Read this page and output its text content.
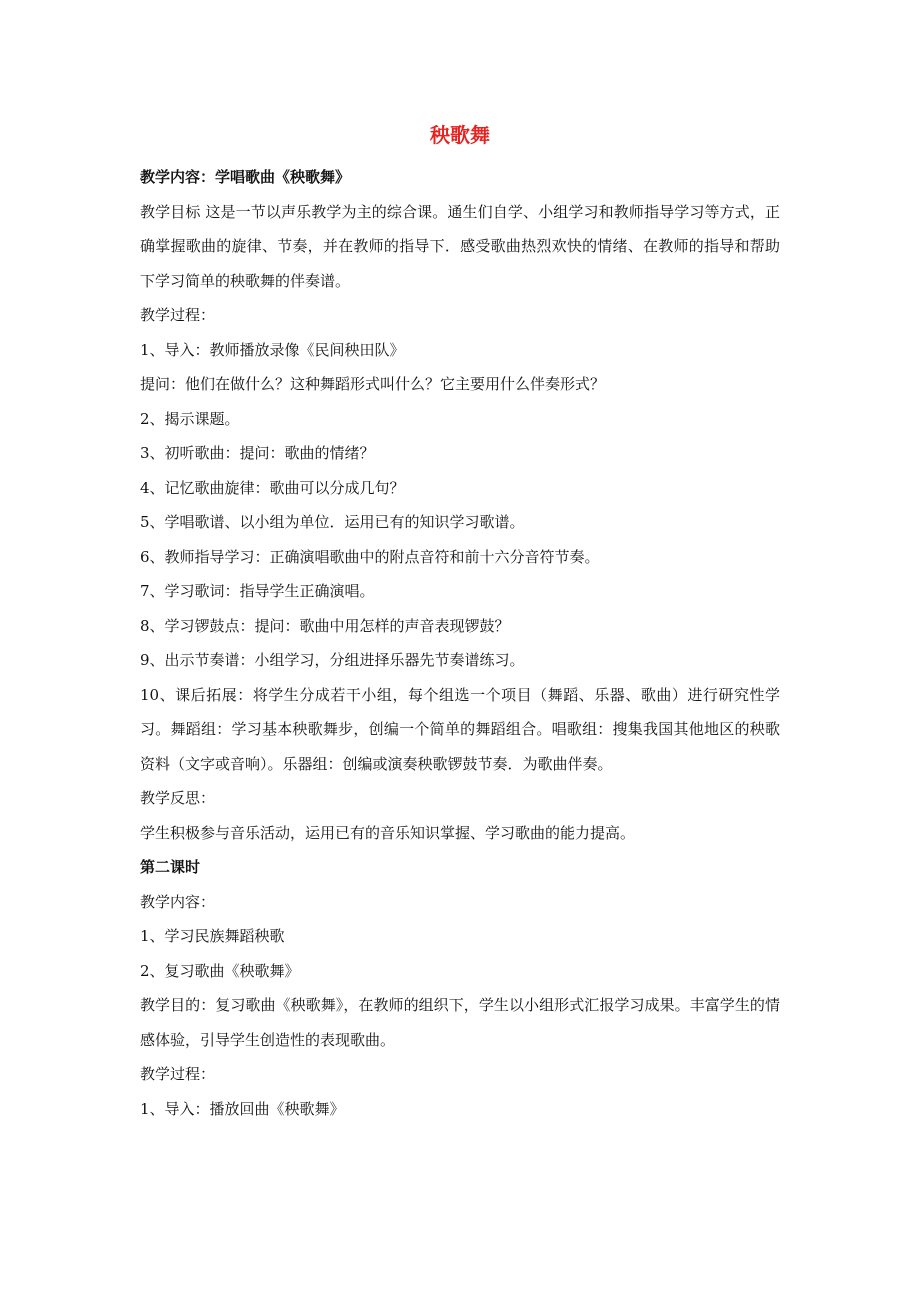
秧歌舞
教学内容：学唱歌曲《秧歌舞》
教学目标 这是一节以声乐教学为主的综合课。通生们自学、小组学习和教师指导学习等方式，正确掌握歌曲的旋律、节奏，并在教师的指导下．感受歌曲热烈欢快的情绪、在教师的指导和帮助下学习简单的秧歌舞的伴奏谱。
教学过程：
1、导入：教师播放录像《民间秧田队》
提问：他们在做什么？这种舞蹈形式叫什么？它主要用什么伴奏形式？
2、揭示课题。
3、初听歌曲：提问：歌曲的情绪？
4、记忆歌曲旋律：歌曲可以分成几句？
5、学唱歌谱、以小组为单位．运用已有的知识学习歌谱。
6、教师指导学习：正确演唱歌曲中的附点音符和前十六分音符节奏。
7、学习歌词：指导学生正确演唱。
8、学习锣鼓点：提问：歌曲中用怎样的声音表现锣鼓？
9、出示节奏谱：小组学习，分组进择乐器先节奏谱练习。
10、课后拓展：将学生分成若干小组，每个组选一个项目（舞蹈、乐器、歌曲）进行研究性学习。舞蹈组：学习基本秧歌舞步，创编一个简单的舞蹈组合。唱歌组：搜集我国其他地区的秧歌资料（文字或音响）。乐器组：创编或演奏秧歌锣鼓节奏．为歌曲伴奏。
教学反思：
学生积极参与音乐活动，运用已有的音乐知识掌握、学习歌曲的能力提高。
第二课时
教学内容：
1、学习民族舞蹈秧歌
2、复习歌曲《秧歌舞》
教学目的：复习歌曲《秧歌舞》，在教师的组织下，学生以小组形式汇报学习成果。丰富学生的情感体验，引导学生创造性的表现歌曲。
教学过程：
1、导入：播放回曲《秧歌舞》
